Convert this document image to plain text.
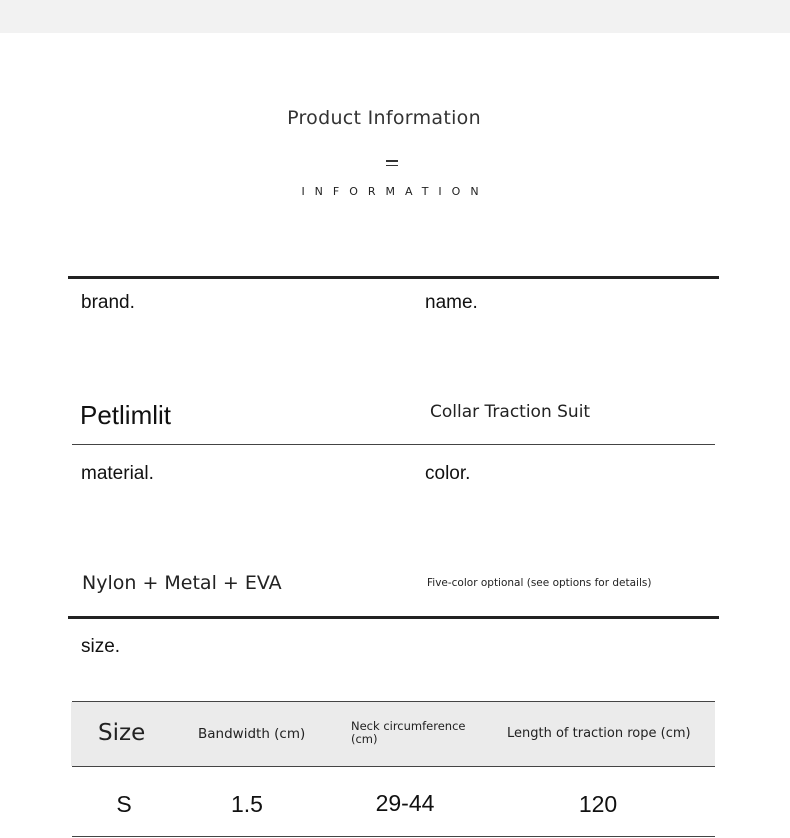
Product Information
INFORMATION
brand.	name.
Petlimlit	Collar Traction Suit
material.	color.
Nylon + Metal + EVA	Five-color optional (see options for details)
size.
Size	Bandwidth (cm)	Neck circumference (cm)	Length of traction rope (cm)
S	1.5	29-44	120
